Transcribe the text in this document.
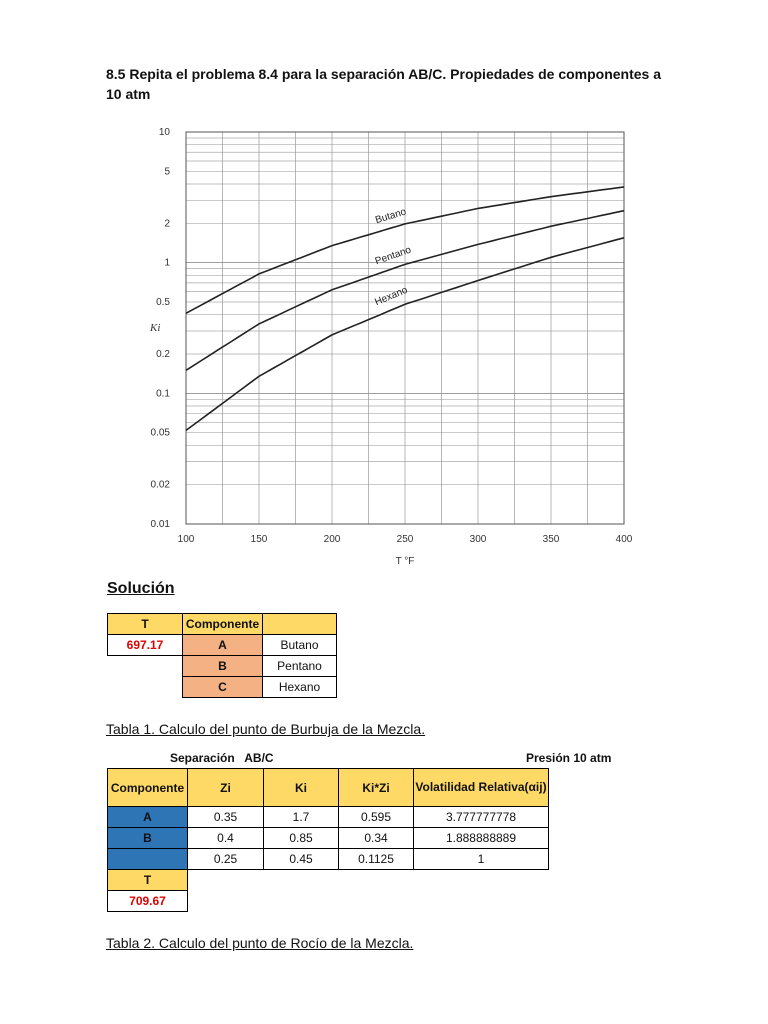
8.5 Repita el problema 8.4 para la separación AB/C. Propiedades de componentes a 10 atm
0.01
0.02
0.05
0.1
0.2
0.5
1
2
5
10
100	150	200	250	300	350	400
Ki
T °F
Butano
Pentano
Hexano
Solución
T	Componente	
697.17	A	Butano
	B	Pentano
	C	Hexano
Tabla 1. Calculo del punto de Burbuja de la Mezcla.
Separación   AB/C	Presión 10 atm
Componente	Zi	Ki	Ki*Zi	Volatilidad Relativa(αij)
A	0.35	1.7	0.595	3.777777778
B	0.4	0.85	0.34	1.888888889
	0.25	0.45	0.1125	1
T				
709.67				
Tabla 2. Calculo del punto de Rocío de la Mezcla.
